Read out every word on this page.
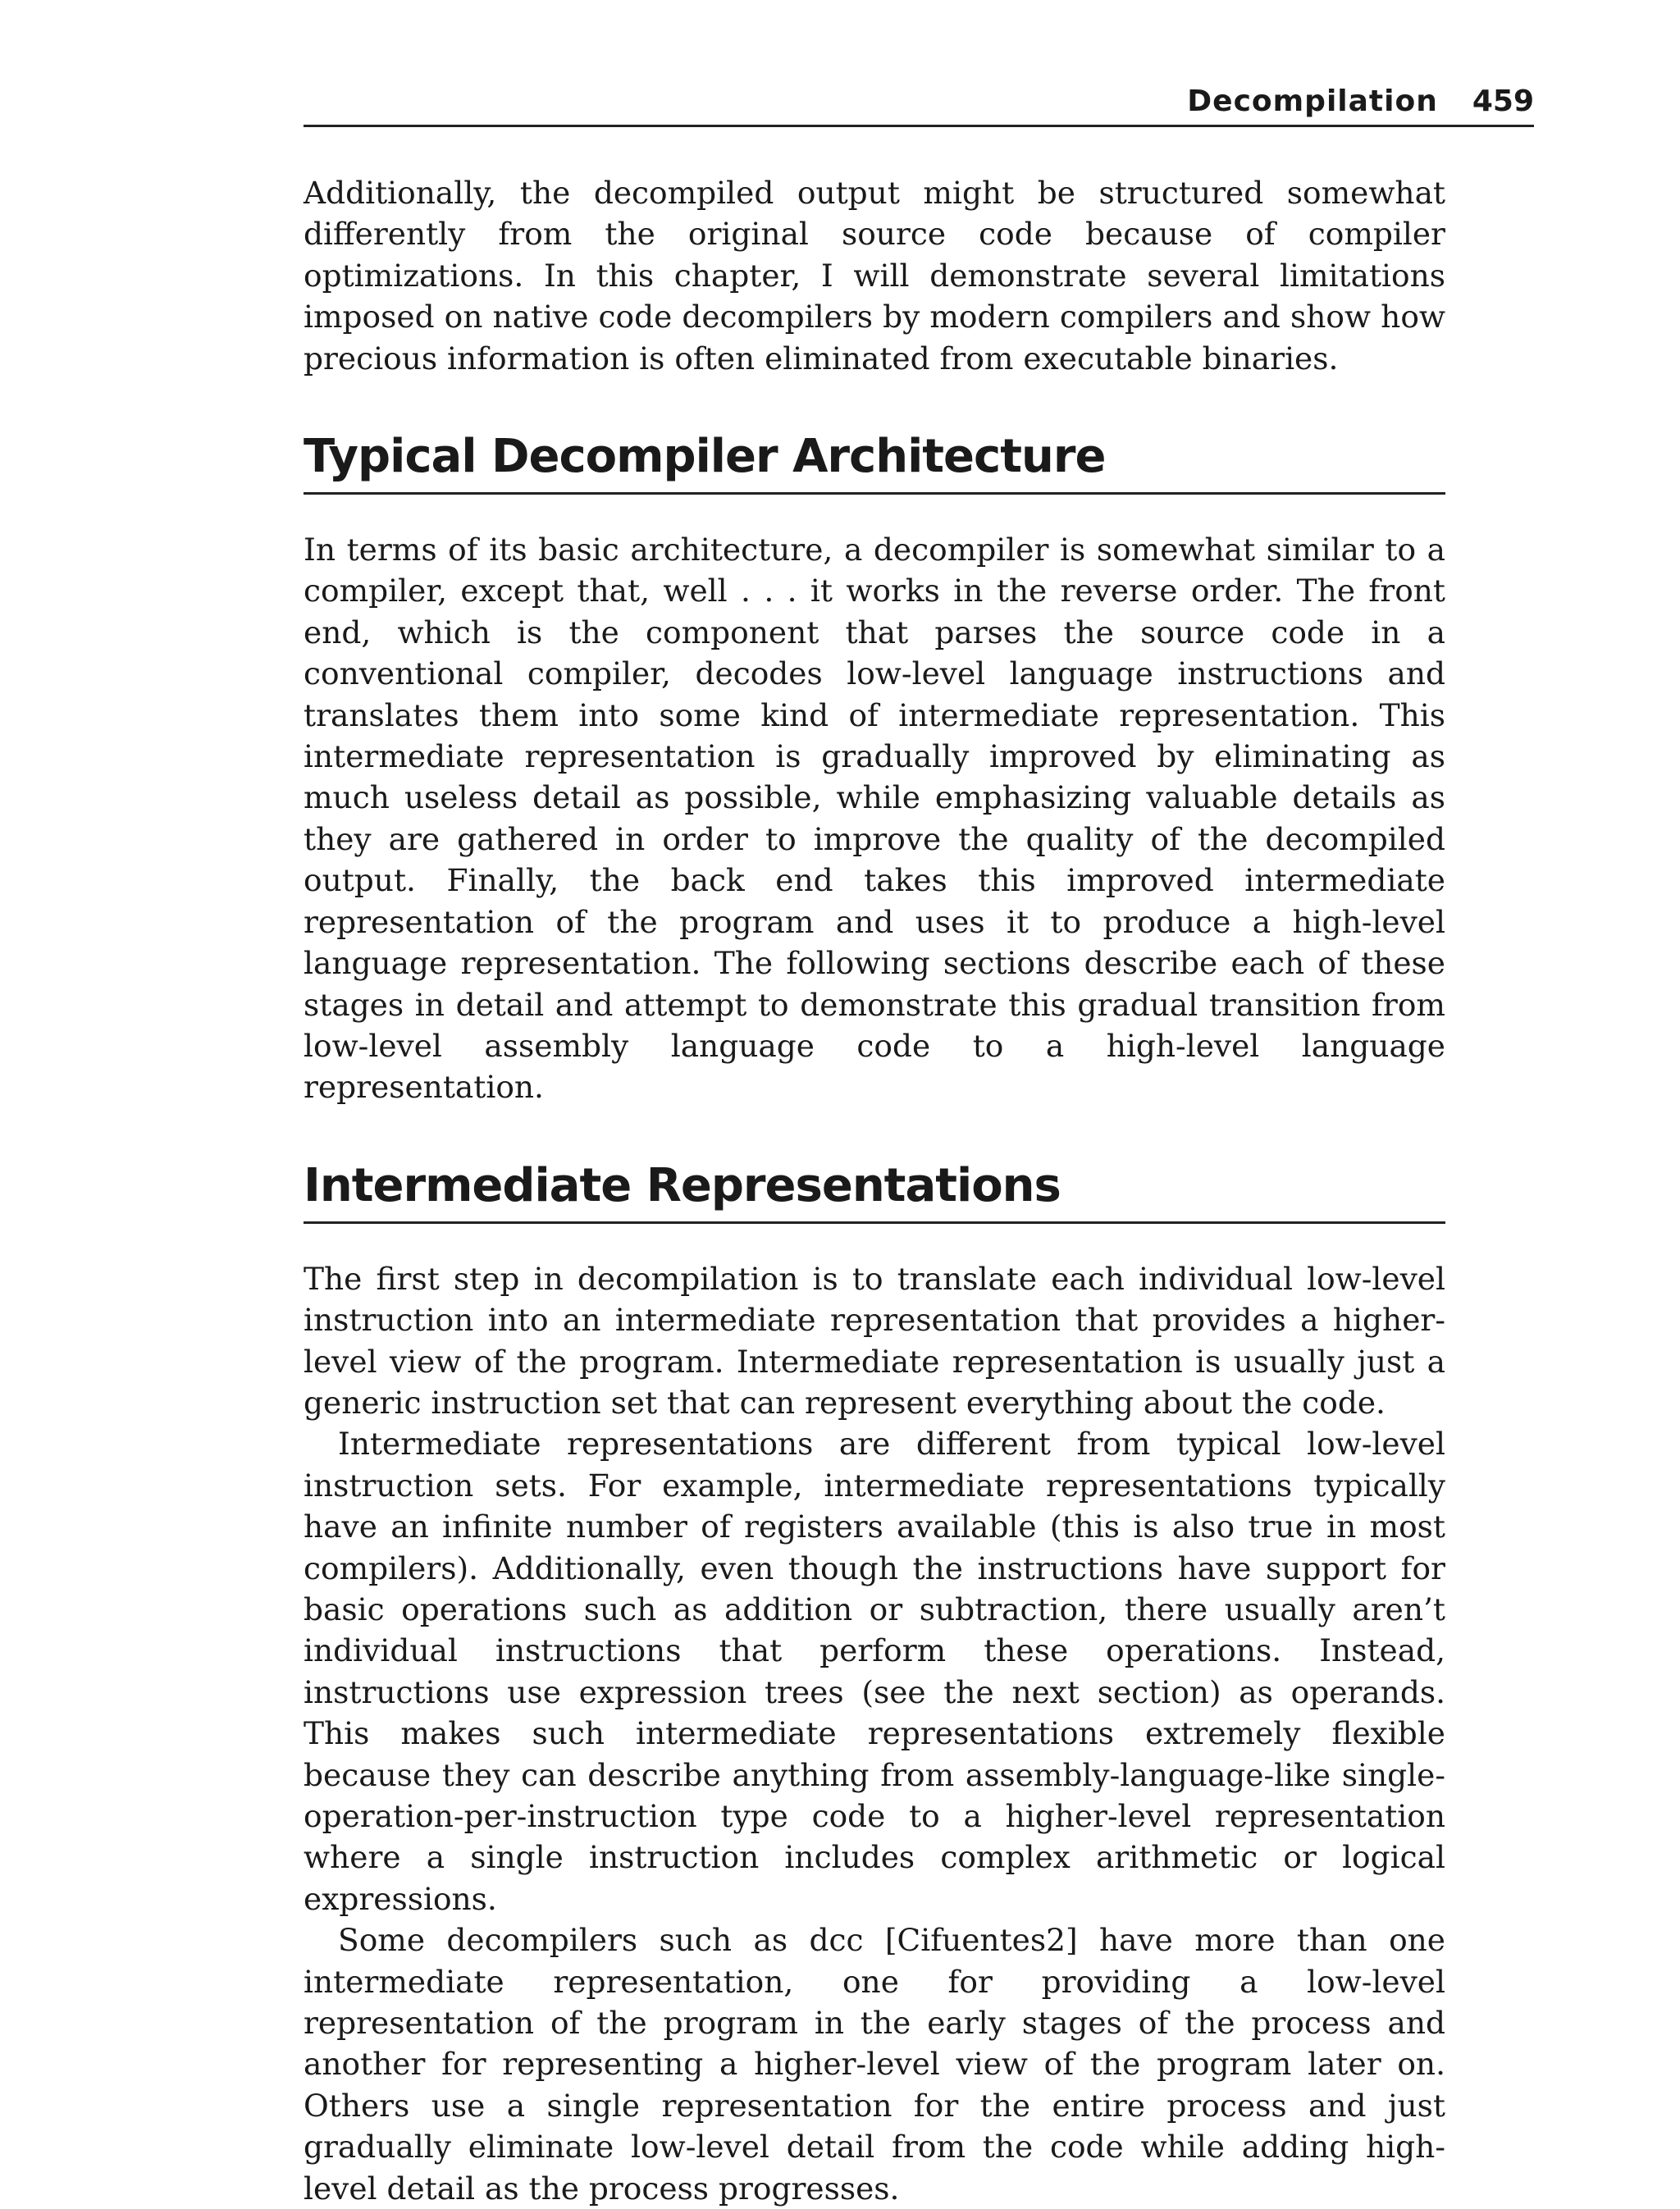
Decompilation 459

Additionally, the decompiled output might be structured somewhat differently from the original source code because of compiler optimizations. In this chapter, I will demonstrate several limitations imposed on native code decompilers by modern compilers and show how precious information is often eliminated from executable binaries.

Typical Decompiler Architecture

In terms of its basic architecture, a decompiler is somewhat similar to a compiler, except that, well . . . it works in the reverse order. The front end, which is the component that parses the source code in a conventional compiler, decodes low-level language instructions and translates them into some kind of intermediate representation. This intermediate representation is gradually improved by eliminating as much useless detail as possible, while emphasizing valuable details as they are gathered in order to improve the quality of the decompiled output. Finally, the back end takes this improved intermediate representation of the program and uses it to produce a high-level language representation. The following sections describe each of these stages in detail and attempt to demonstrate this gradual transition from low-level assembly language code to a high-level language representation.

Intermediate Representations

The first step in decompilation is to translate each individual low-level instruction into an intermediate representation that provides a higher-level view of the program. Intermediate representation is usually just a generic instruction set that can represent everything about the code.

Intermediate representations are different from typical low-level instruction sets. For example, intermediate representations typically have an infinite number of registers available (this is also true in most compilers). Additionally, even though the instructions have support for basic operations such as addition or subtraction, there usually aren’t individual instructions that perform these operations. Instead, instructions use expression trees (see the next section) as operands. This makes such intermediate representations extremely flexible because they can describe anything from assembly-language-like single-operation-per-instruction type code to a higher-level representation where a single instruction includes complex arithmetic or logical expressions.

Some decompilers such as dcc [Cifuentes2] have more than one intermediate representation, one for providing a low-level representation of the program in the early stages of the process and another for representing a higher-level view of the program later on. Others use a single representation for the entire process and just gradually eliminate low-level detail from the code while adding high-level detail as the process progresses.
